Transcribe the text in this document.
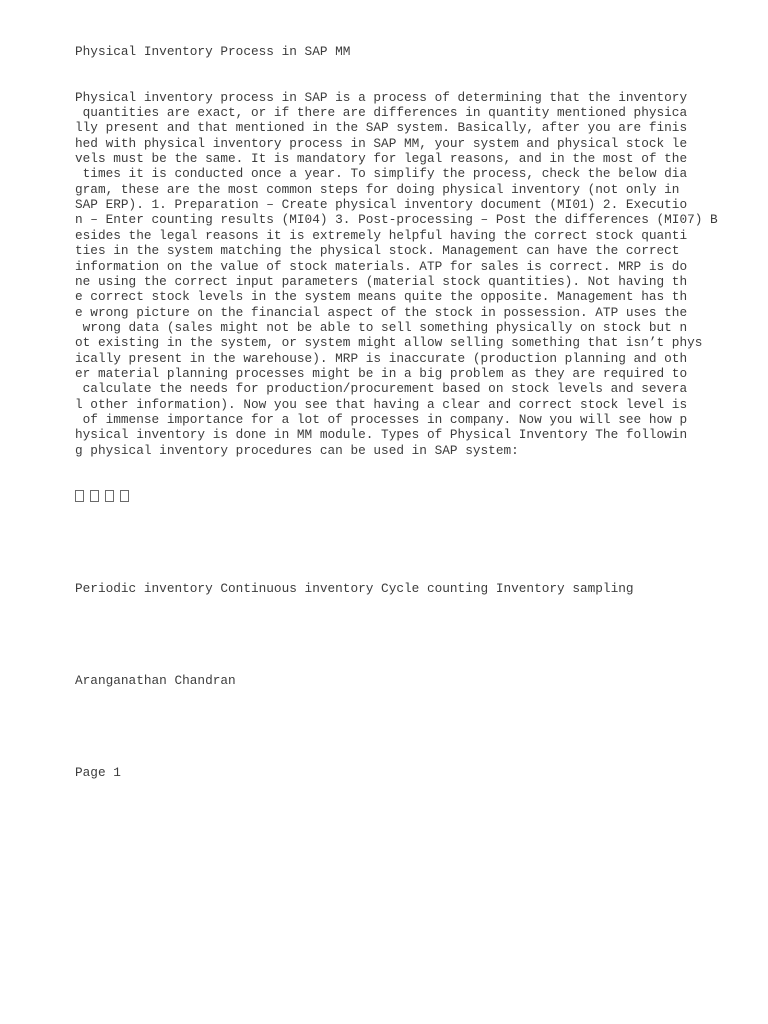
Physical Inventory Process in SAP MM

Physical inventory process in SAP is a process of determining that the inventory
quantities are exact, or if there are differences in quantity mentioned physica
lly present and that mentioned in the SAP system. Basically, after you are finis
hed with physical inventory process in SAP MM, your system and physical stock le
vels must be the same. It is mandatory for legal reasons, and in the most of the
times it is conducted once a year. To simplify the process, check the below dia
gram, these are the most common steps for doing physical inventory (not only in
SAP ERP). 1. Preparation – Create physical inventory document (MI01) 2. Executio
n – Enter counting results (MI04) 3. Post-processing – Post the differences (MI07) B
esides the legal reasons it is extremely helpful having the correct stock quanti
ties in the system matching the physical stock. Management can have the correct
information on the value of stock materials. ATP for sales is correct. MRP is do
ne using the correct input parameters (material stock quantities). Not having th
e correct stock levels in the system means quite the opposite. Management has th
e wrong picture on the financial aspect of the stock in possession. ATP uses the
wrong data (sales might not be able to sell something physically on stock but n
ot existing in the system, or system might allow selling something that isn’t phys
ically present in the warehouse). MRP is inaccurate (production planning and oth
er material planning processes might be in a big problem as they are required to
calculate the needs for production/procurement based on stock levels and severa
l other information). Now you see that having a clear and correct stock level is
of immense importance for a lot of processes in company. Now you will see how p
hysical inventory is done in MM module. Types of Physical Inventory The followin
g physical inventory procedures can be used in SAP system:

Periodic inventory Continuous inventory Cycle counting Inventory sampling

Aranganathan Chandran

Page 1
